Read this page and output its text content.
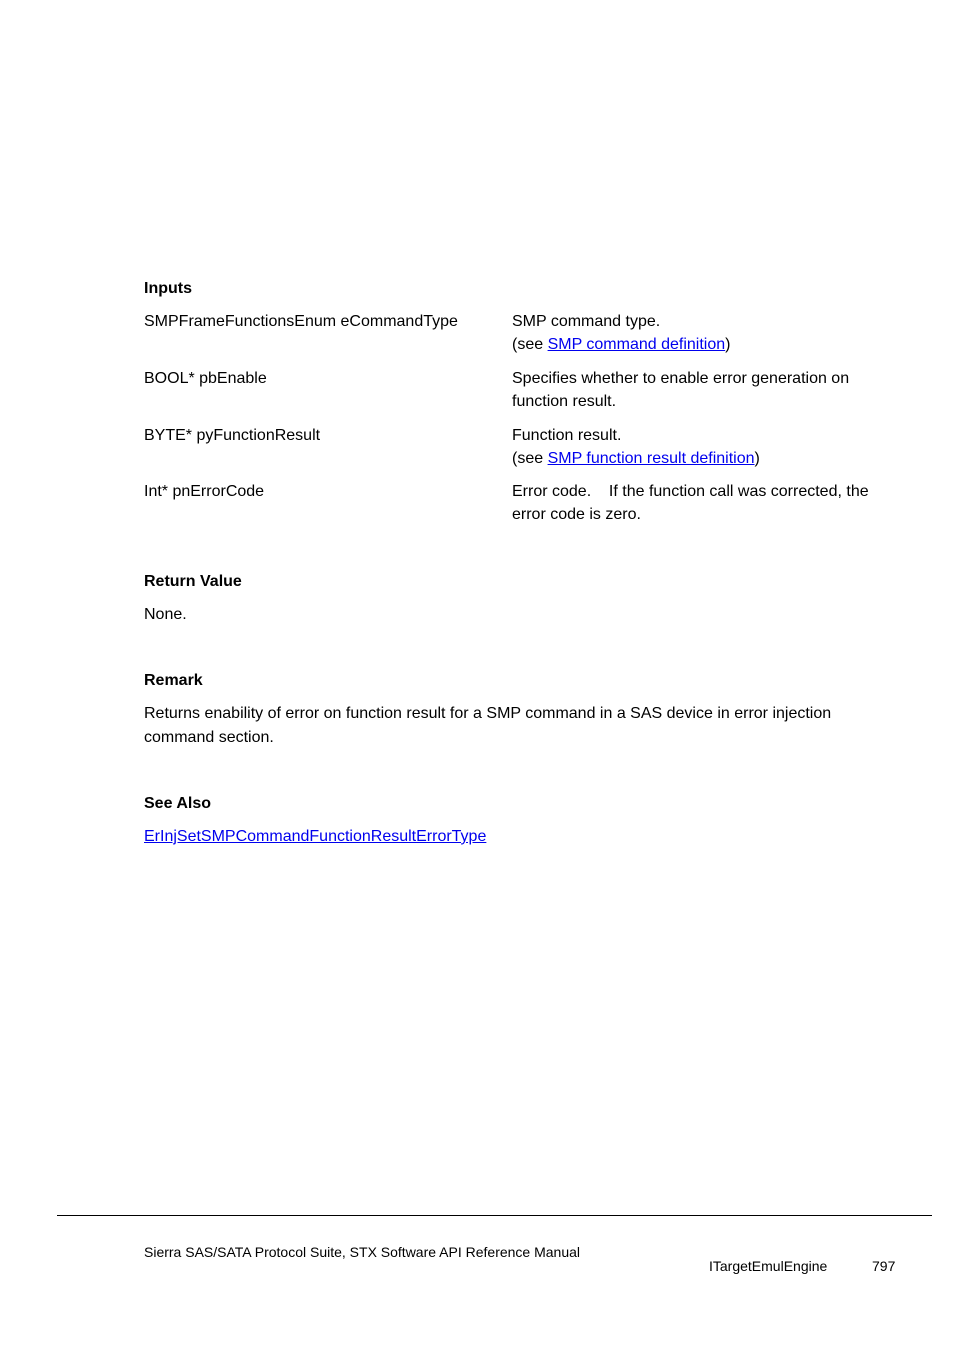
Inputs
SMPFrameFunctionsEnum eCommandType	SMP command type.
(see SMP command definition)
BOOL* pbEnable	Specifies whether to enable error generation on function result.
BYTE* pyFunctionResult	Function result.
(see SMP function result definition)
Int* pnErrorCode	Error code.    If the function call was corrected, the error code is zero.
Return Value
None.
Remark
Returns enability of error on function result for a SMP command in a SAS device in error injection command section.
See Also
ErInjSetSMPCommandFunctionResultErrorType
Sierra SAS/SATA Protocol Suite, STX Software API Reference Manual
ITargetEmulEngine	797
